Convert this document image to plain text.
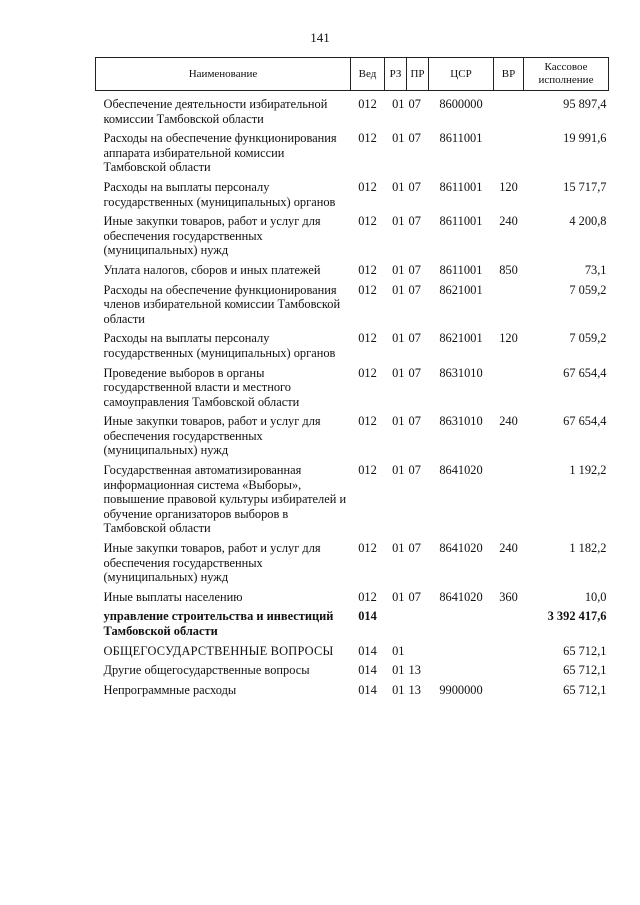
141
Наименование	Вед	РЗ	ПР	ЦСР	ВР	Кассовое исполнение
Обеспечение деятельности избирательной комиссии Тамбовской области	012	01	07	8600000		95 897,4
Расходы на обеспечение функционирования аппарата избирательной комиссии Тамбовской области	012	01	07	8611001		19 991,6
Расходы на выплаты персоналу государственных (муниципальных) органов	012	01	07	8611001	120	15 717,7
Иные закупки товаров, работ и услуг для обеспечения государственных (муниципальных) нужд	012	01	07	8611001	240	4 200,8
Уплата налогов, сборов и иных платежей	012	01	07	8611001	850	73,1
Расходы на обеспечение функционирования членов избирательной комиссии Тамбовской области	012	01	07	8621001		7 059,2
Расходы на выплаты персоналу государственных (муниципальных) органов	012	01	07	8621001	120	7 059,2
Проведение выборов в органы государственной власти и местного самоуправления Тамбовской области	012	01	07	8631010		67 654,4
Иные закупки товаров, работ и услуг для обеспечения государственных (муниципальных) нужд	012	01	07	8631010	240	67 654,4
Государственная автоматизированная информационная система «Выборы», повышение правовой культуры избирателей и обучение организаторов выборов в Тамбовской области	012	01	07	8641020		1 192,2
Иные закупки товаров, работ и услуг для обеспечения государственных (муниципальных) нужд	012	01	07	8641020	240	1 182,2
Иные выплаты населению	012	01	07	8641020	360	10,0
управление строительства и инвестиций Тамбовской области	014					3 392 417,6
ОБЩЕГОСУДАРСТВЕННЫЕ ВОПРОСЫ	014	01				65 712,1
Другие общегосударственные вопросы	014	01	13			65 712,1
Непрограммные расходы	014	01	13	9900000		65 712,1
